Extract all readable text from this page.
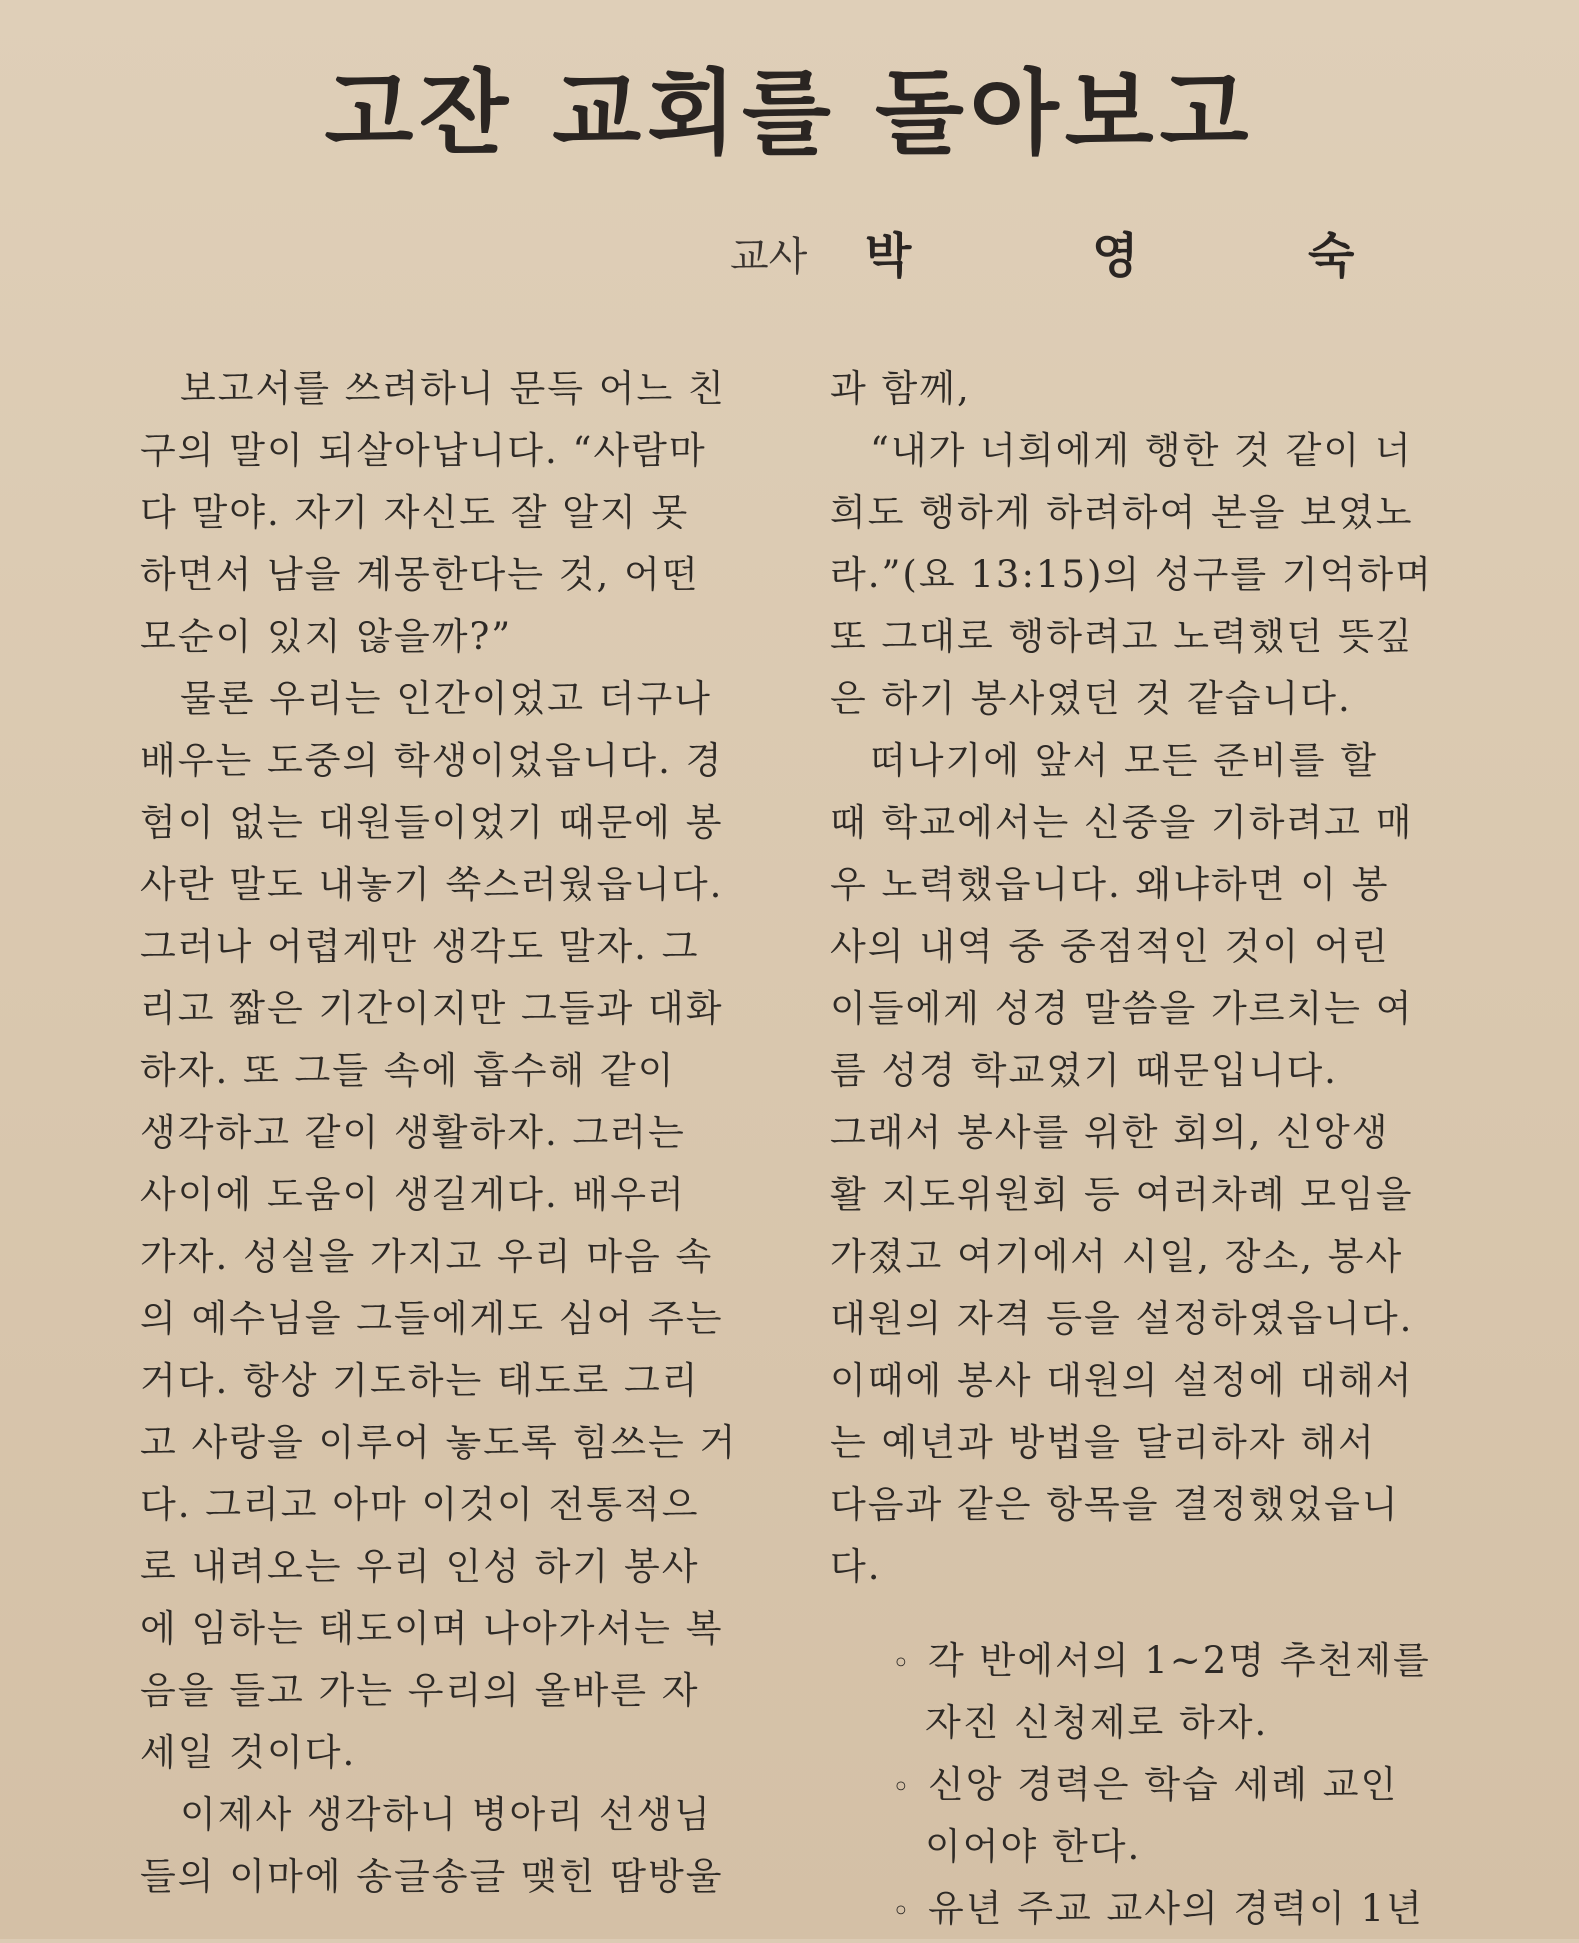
고잔 교회를 돌아보고
교사 박	영	숙
보고서를 쓰려하니 문득 어느 친
구의 말이 되살아납니다. “사람마
다 말야. 자기 자신도 잘 알지 못
하면서 남을 계몽한다는 것, 어떤
모순이 있지 않을까?”
물론 우리는 인간이었고 더구나
배우는 도중의 학생이었읍니다. 경
험이 없는 대원들이었기 때문에 봉
사란 말도 내놓기 쑥스러웠읍니다.
그러나 어렵게만 생각도 말자. 그
리고 짧은 기간이지만 그들과 대화
하자. 또 그들 속에 흡수해 같이
생각하고 같이 생활하자. 그러는
사이에 도움이 생길게다. 배우러
가자. 성실을 가지고 우리 마음 속
의 예수님을 그들에게도 심어 주는
거다. 항상 기도하는 태도로 그리
고 사랑을 이루어 놓도록 힘쓰는 거
다. 그리고 아마 이것이 전통적으
로 내려오는 우리 인성 하기 봉사
에 임하는 태도이며 나아가서는 복
음을 들고 가는 우리의 올바른 자
세일 것이다.
이제사 생각하니 병아리 선생님
들의 이마에 송글송글 맺힌 땀방울
과 함께,
“내가 너희에게 행한 것 같이 너
희도 행하게 하려하여 본을 보였노
라.”(요 13:15)의 성구를 기억하며
또 그대로 행하려고 노력했던 뜻깊
은 하기 봉사였던 것 같습니다.
떠나기에 앞서 모든 준비를 할
때 학교에서는 신중을 기하려고 매
우 노력했읍니다. 왜냐하면 이 봉
사의 내역 중 중점적인 것이 어린
이들에게 성경 말씀을 가르치는 여
름 성경 학교였기 때문입니다.
그래서 봉사를 위한 회의, 신앙생
활 지도위원회 등 여러차례 모임을
가졌고 여기에서 시일, 장소, 봉사
대원의 자격 등을 설정하였읍니다.
이때에 봉사 대원의 설정에 대해서
는 예년과 방법을 달리하자 해서
다음과 같은 항목을 결정했었읍니
다.
◦ 각 반에서의 1~2명 추천제를
자진 신청제로 하자.
◦ 신앙 경력은 학습 세례 교인
이어야 한다.
◦ 유년 주교 교사의 경력이 1년
